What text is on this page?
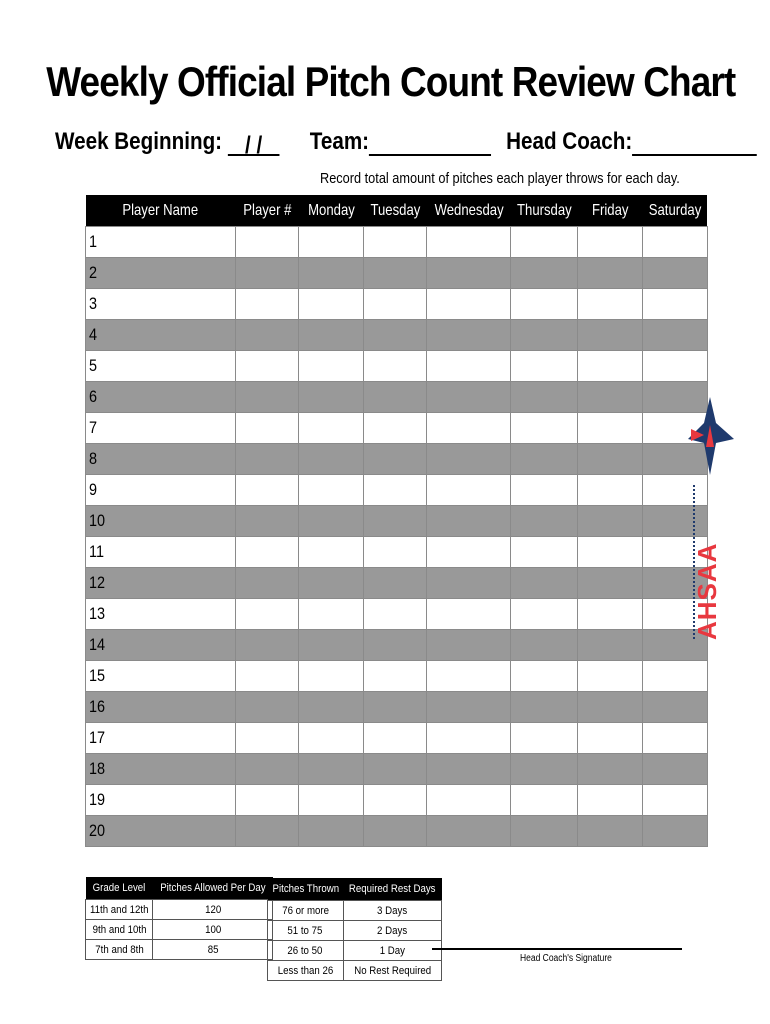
Weekly Official Pitch Count Review Chart
Week Beginning: / / Team:	Head Coach:
Record total amount of pitches each player throws for each day.
Player Name	Player #	Monday	Tuesday	Wednesday	Thursday	Friday	Saturday
1							
2							
3							
4							
5							
6							
7							
8							
9							
10							
11							
12							
13							
14							
15							
16							
17							
18							
19							
20							
Grade Level	Pitches Allowed Per Day
11th and 12th	120
9th and 10th	100
7th and 8th	85
Pitches Thrown	Required Rest Days
76 or more	3 Days
51 to 75	2 Days
26 to 50	1 Day
Less than 26	No Rest Required
Head Coach's Signature
AHSAA
